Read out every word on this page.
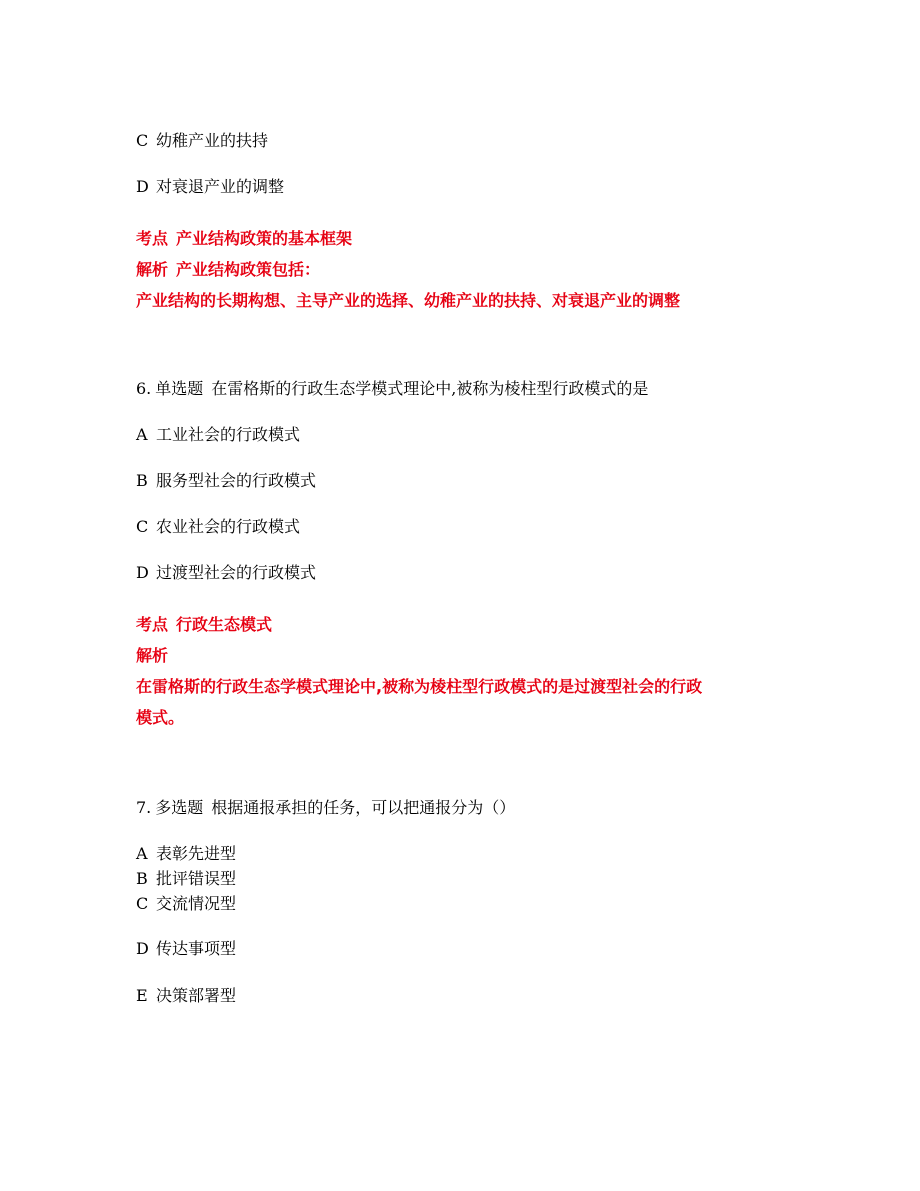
C 幼稚产业的扶持
D 对衰退产业的调整
考点 产业结构政策的基本框架
解析 产业结构政策包括：
产业结构的长期构想、主导产业的选择、幼稚产业的扶持、对衰退产业的调整
6. 单选题 在雷格斯的行政生态学模式理论中,被称为棱柱型行政模式的是
A 工业社会的行政模式
B 服务型社会的行政模式
C 农业社会的行政模式
D 过渡型社会的行政模式
考点 行政生态模式
解析
在雷格斯的行政生态学模式理论中,被称为棱柱型行政模式的是过渡型社会的行政
模式。
7. 多选题 根据通报承担的任务，可以把通报分为（）
A 表彰先进型
B 批评错误型
C 交流情况型
D 传达事项型
E 决策部署型
